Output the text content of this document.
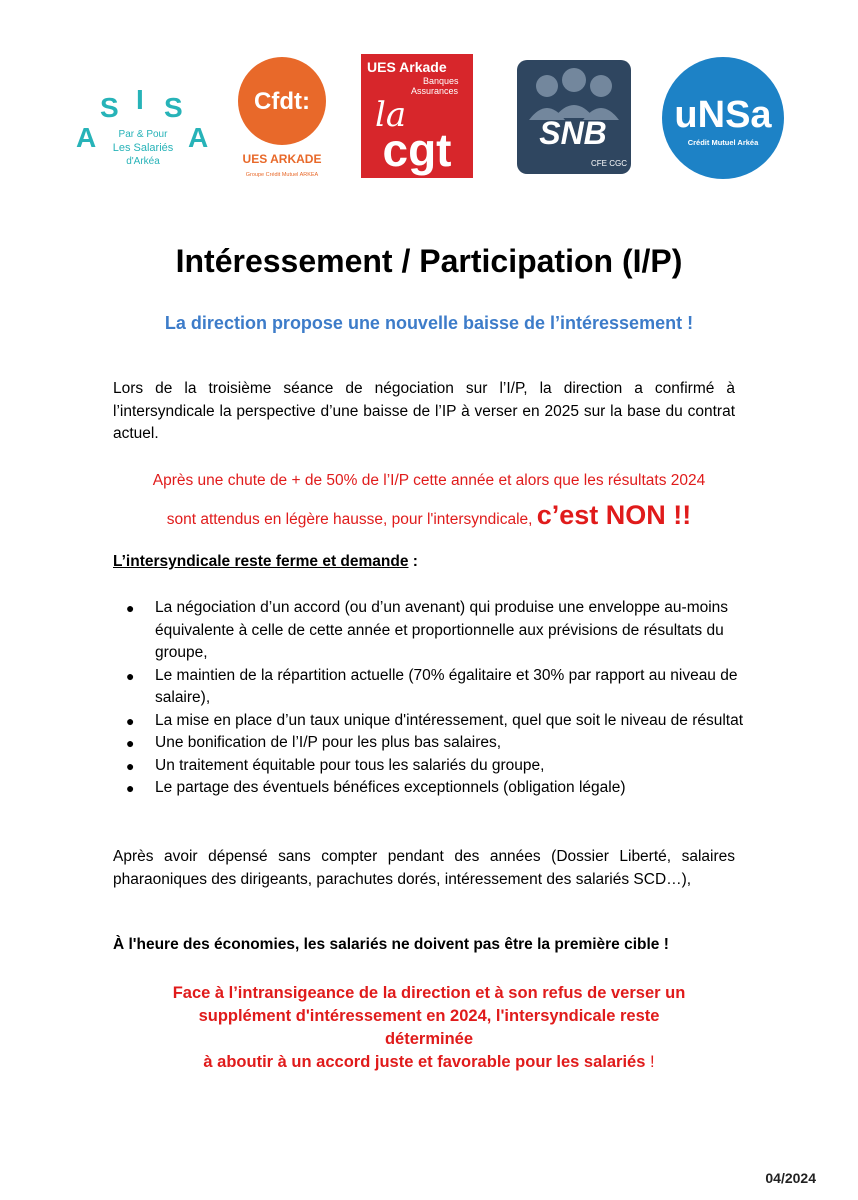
A
S I S
A
Par & Pour
Les Salariés
d'Arkéa
Cfdt:
UES ARKADE
Groupe Crédit Mutuel ARKEA
UES Arkade
Banques
Assurances
la
cgt	SNB
CFE CGC
uNSa
Crédit Mutuel Arkéa
Intéressement / Participation (I/P)
La direction propose une nouvelle baisse de l’intéressement !
Lors de la troisième séance de négociation sur l’I/P, la direction a confirmé à l’intersyndicale la perspective d’une baisse de l’IP à verser en 2025 sur la base du contrat actuel.
Après une chute de + de 50% de l’I/P cette année et alors que les résultats 2024
sont attendus en légère hausse, pour l'intersyndicale, c’est NON !!
L’intersyndicale reste ferme et demande :
● La négociation d’un accord (ou d’un avenant) qui produise une enveloppe au-moins équivalente à celle de cette année et proportionnelle aux prévisions de résultats du groupe,
● Le maintien de la répartition actuelle (70% égalitaire et 30% par rapport au niveau de salaire),
● La mise en place d’un taux unique d'intéressement, quel que soit le niveau de résultat
● Une bonification de l’I/P pour les plus bas salaires,
● Un traitement équitable pour tous les salariés du groupe,
● Le partage des éventuels bénéfices exceptionnels (obligation légale)
Après avoir dépensé sans compter pendant des années (Dossier Liberté, salaires pharaoniques des dirigeants, parachutes dorés, intéressement des salariés SCD…),
À l'heure des économies, les salariés ne doivent pas être la première cible !
Face à l’intransigeance de la direction et à son refus de verser un
supplément d'intéressement en 2024, l'intersyndicale reste
déterminée
à aboutir à un accord juste et favorable pour les salariés !
04/2024
